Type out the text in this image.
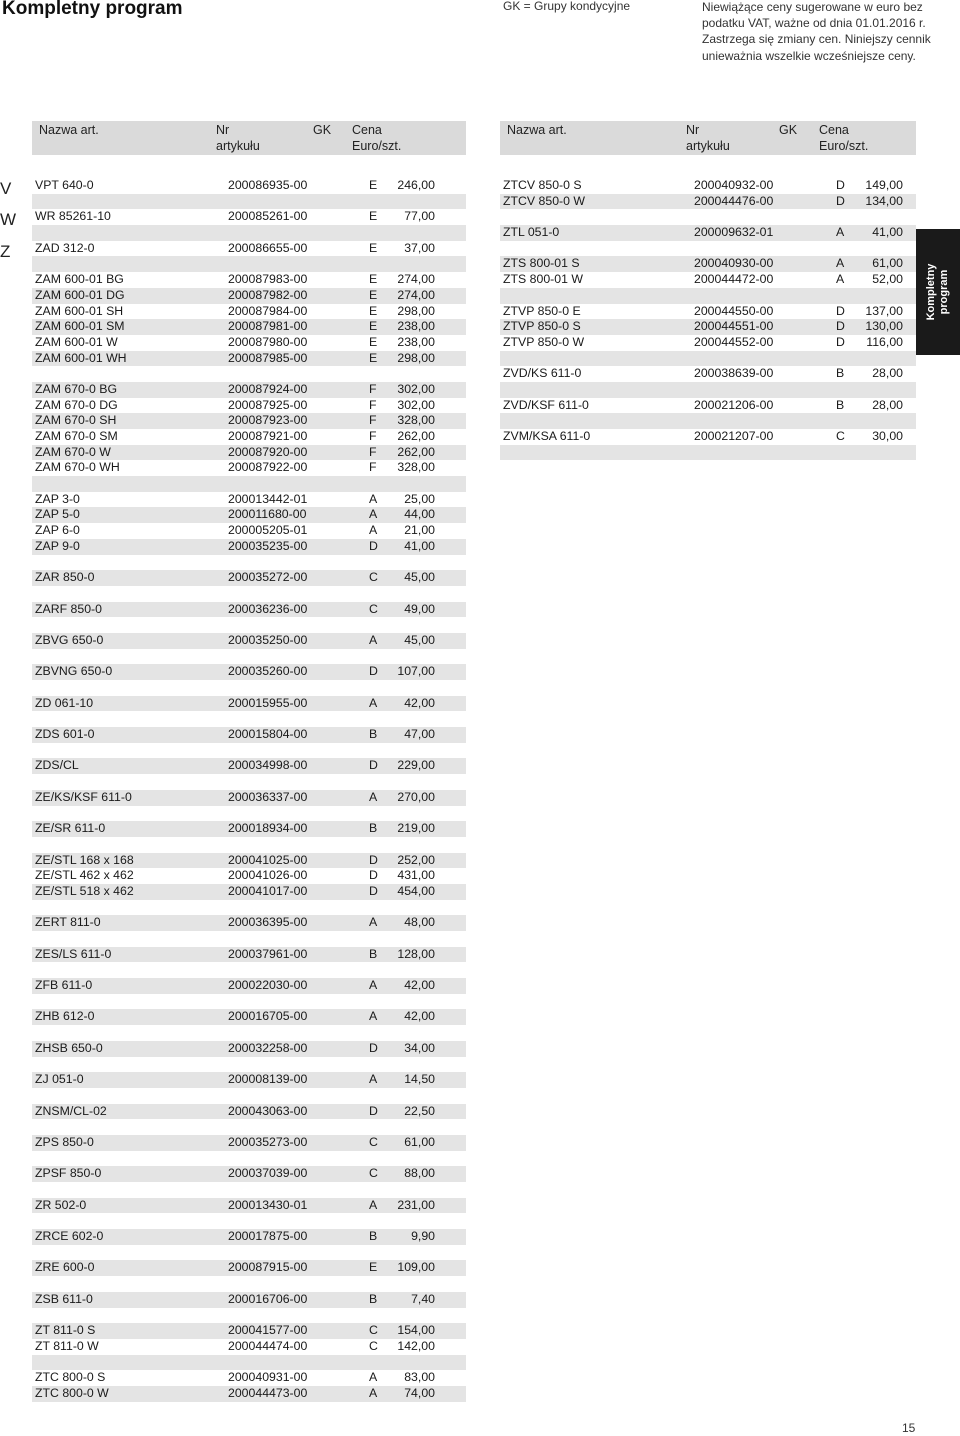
Kompletny program	GK = Grupy kondycyjne	Niewiążące ceny sugerowane w euro bez podatku VAT, ważne od dnia 01.01.2016 r. Zastrzega się zmiany cen. Niniejszy cennik unieważnia wszelkie wcześniejsze ceny.
Nazwa art.	Nr
artykułu
GK Cena
Euro/szt.
Nazwa art.	Nr
artykułu
GK Cena
Euro/szt.
V
W
Z
VPT 640-0	200086935-00	E 246,00
WR 85261-10	200085261-00	E 77,00
ZAD 312-0	200086655-00	E 37,00
ZAM 600-01 BG	200087983-00	E 274,00
ZAM 600-01 DG	200087982-00	E 274,00
ZAM 600-01 SH	200087984-00	E 298,00
ZAM 600-01 SM	200087981-00	E 238,00
ZAM 600-01 W	200087980-00	E 238,00
ZAM 600-01 WH	200087985-00	E 298,00
ZAM 670-0 BG	200087924-00	F 302,00
ZAM 670-0 DG	200087925-00	F 302,00
ZAM 670-0 SH	200087923-00	F 328,00
ZAM 670-0 SM	200087921-00	F 262,00
ZAM 670-0 W	200087920-00	F 262,00
ZAM 670-0 WH	200087922-00	F 328,00
ZAP 3-0	200013442-01	A 25,00
ZAP 5-0	200011680-00	A 44,00
ZAP 6-0	200005205-01	A 21,00
ZAP 9-0	200035235-00	D 41,00
ZAR 850-0	200035272-00	C 45,00
ZARF 850-0	200036236-00	C 49,00
ZBVG 650-0	200035250-00	A 45,00
ZBVNG 650-0	200035260-00	D 107,00
ZD 061-10	200015955-00	A 42,00
ZDS 601-0	200015804-00	B 47,00
ZDS/CL	200034998-00	D 229,00
ZE/KS/KSF 611-0	200036337-00	A 270,00
ZE/SR 611-0	200018934-00	B 219,00
ZE/STL 168 x 168	200041025-00	D 252,00
ZE/STL 462 x 462	200041026-00	D 431,00
ZE/STL 518 x 462	200041017-00	D 454,00
ZERT 811-0	200036395-00	A 48,00
ZES/LS 611-0	200037961-00	B 128,00
ZFB 611-0	200022030-00	A 42,00
ZHB 612-0	200016705-00	A 42,00
ZHSB 650-0	200032258-00	D 34,00
ZJ 051-0	200008139-00	A 14,50
ZNSM/CL-02	200043063-00	D 22,50
ZPS 850-0	200035273-00	C 61,00
ZPSF 850-0	200037039-00	C 88,00
ZR 502-0	200013430-01	A 231,00
ZRCE 602-0	200017875-00	B	9,90
ZRE 600-0	200087915-00	E 109,00
ZSB 611-0	200016706-00	B	7,40
ZT 811-0 S	200041577-00	C 154,00
ZT 811-0 W	200044474-00	C 142,00
ZTC 800-0 S	200040931-00	A 83,00
ZTC 800-0 W	200044473-00	A 74,00
ZTCV 850-0 S	200040932-00	D 149,00
ZTCV 850-0 W	200044476-00	D 134,00
ZTL 051-0	200009632-01	A 41,00
ZTS 800-01 S	200040930-00	A 61,00
ZTS 800-01 W	200044472-00	A 52,00
ZTVP 850-0 E	200044550-00	D 137,00
ZTVP 850-0 S	200044551-00	D 130,00
ZTVP 850-0 W	200044552-00	D 116,00
ZVD/KS 611-0	200038639-00	B 28,00
ZVD/KSF 611-0	200021206-00	B 28,00
ZVM/KSA 611-0	200021207-00	C 30,00
Kompletny
program
15
